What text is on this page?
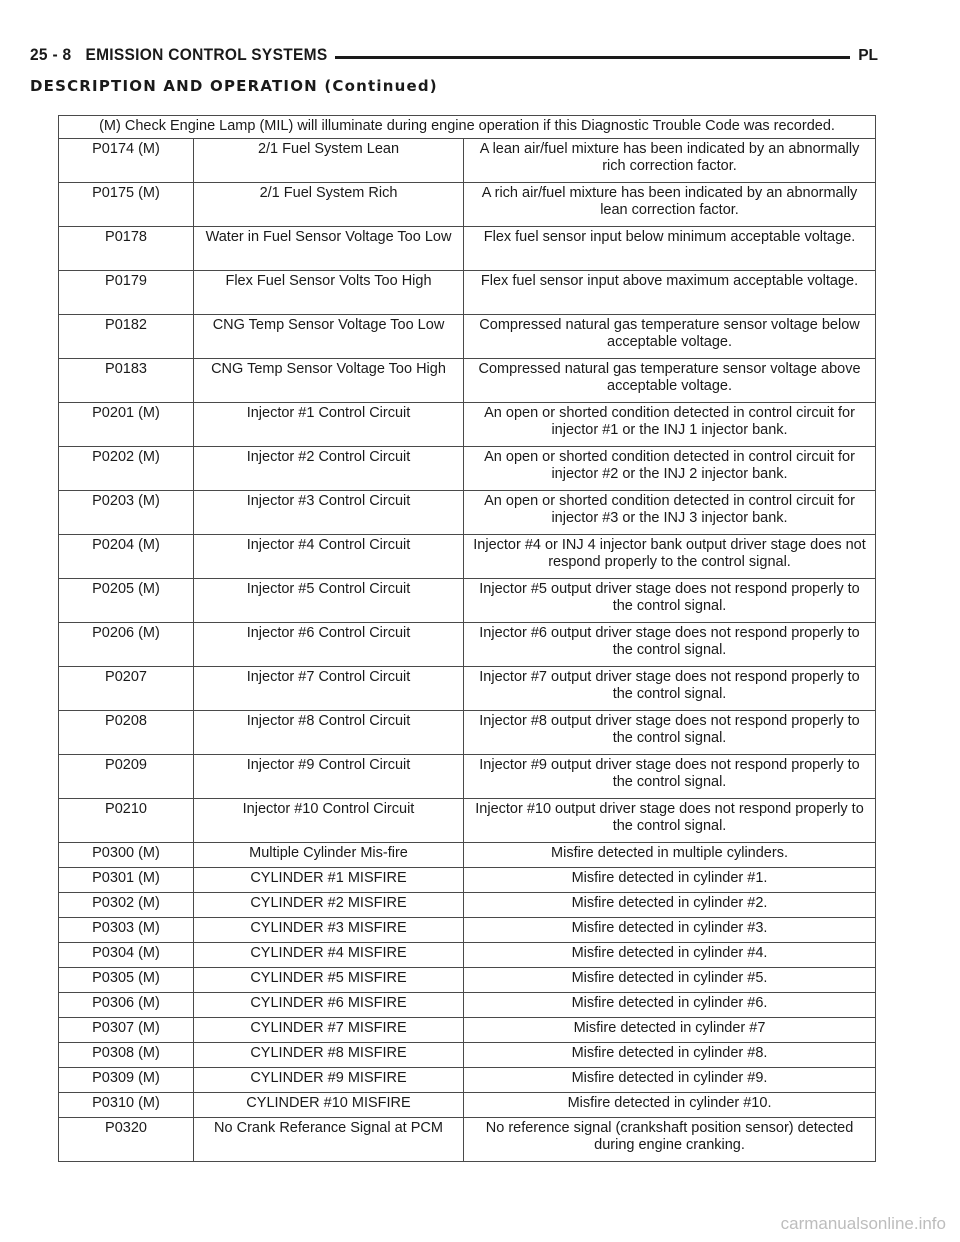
25 - 8 EMISSION CONTROL SYSTEMS	PL
DESCRIPTION AND OPERATION (Continued)
(M) Check Engine Lamp (MIL) will illuminate during engine operation if this Diagnostic Trouble Code was recorded.		
P0174 (M)	2/1 Fuel System Lean	A lean air/fuel mixture has been indicated by an abnormally rich correction factor.
P0175 (M)	2/1 Fuel System Rich	A rich air/fuel mixture has been indicated by an abnormally lean correction factor.
P0178	Water in Fuel Sensor Voltage Too Low	Flex fuel sensor input below minimum acceptable voltage.
P0179	Flex Fuel Sensor Volts Too High	Flex fuel sensor input above maximum acceptable voltage.
P0182	CNG Temp Sensor Voltage Too Low	Compressed natural gas temperature sensor voltage below acceptable voltage.
P0183	CNG Temp Sensor Voltage Too High	Compressed natural gas temperature sensor voltage above acceptable voltage.
P0201 (M)	Injector #1 Control Circuit	An open or shorted condition detected in control circuit for injector #1 or the INJ 1 injector bank.
P0202 (M)	Injector #2 Control Circuit	An open or shorted condition detected in control circuit for injector #2 or the INJ 2 injector bank.
P0203 (M)	Injector #3 Control Circuit	An open or shorted condition detected in control circuit for injector #3 or the INJ 3 injector bank.
P0204 (M)	Injector #4 Control Circuit	Injector #4 or INJ 4 injector bank output driver stage does not respond properly to the control signal.
P0205 (M)	Injector #5 Control Circuit	Injector #5 output driver stage does not respond properly to the control signal.
P0206 (M)	Injector #6 Control Circuit	Injector #6 output driver stage does not respond properly to the control signal.
P0207	Injector #7 Control Circuit	Injector #7 output driver stage does not respond properly to the control signal.
P0208	Injector #8 Control Circuit	Injector #8 output driver stage does not respond properly to the control signal.
P0209	Injector #9 Control Circuit	Injector #9 output driver stage does not respond properly to the control signal.
P0210	Injector #10 Control Circuit	Injector #10 output driver stage does not respond properly to the control signal.
P0300 (M)	Multiple Cylinder Mis-fire	Misfire detected in multiple cylinders.
P0301 (M)	CYLINDER #1 MISFIRE	Misfire detected in cylinder #1.
P0302 (M)	CYLINDER #2 MISFIRE	Misfire detected in cylinder #2.
P0303 (M)	CYLINDER #3 MISFIRE	Misfire detected in cylinder #3.
P0304 (M)	CYLINDER #4 MISFIRE	Misfire detected in cylinder #4.
P0305 (M)	CYLINDER #5 MISFIRE	Misfire detected in cylinder #5.
P0306 (M)	CYLINDER #6 MISFIRE	Misfire detected in cylinder #6.
P0307 (M)	CYLINDER #7 MISFIRE	Misfire detected in cylinder #7
P0308 (M)	CYLINDER #8 MISFIRE	Misfire detected in cylinder #8.
P0309 (M)	CYLINDER #9 MISFIRE	Misfire detected in cylinder #9.
P0310 (M)	CYLINDER #10 MISFIRE	Misfire detected in cylinder #10.
P0320	No Crank Referance Signal at PCM	No reference signal (crankshaft position sensor) detected during engine cranking.
carmanualsonline.info
